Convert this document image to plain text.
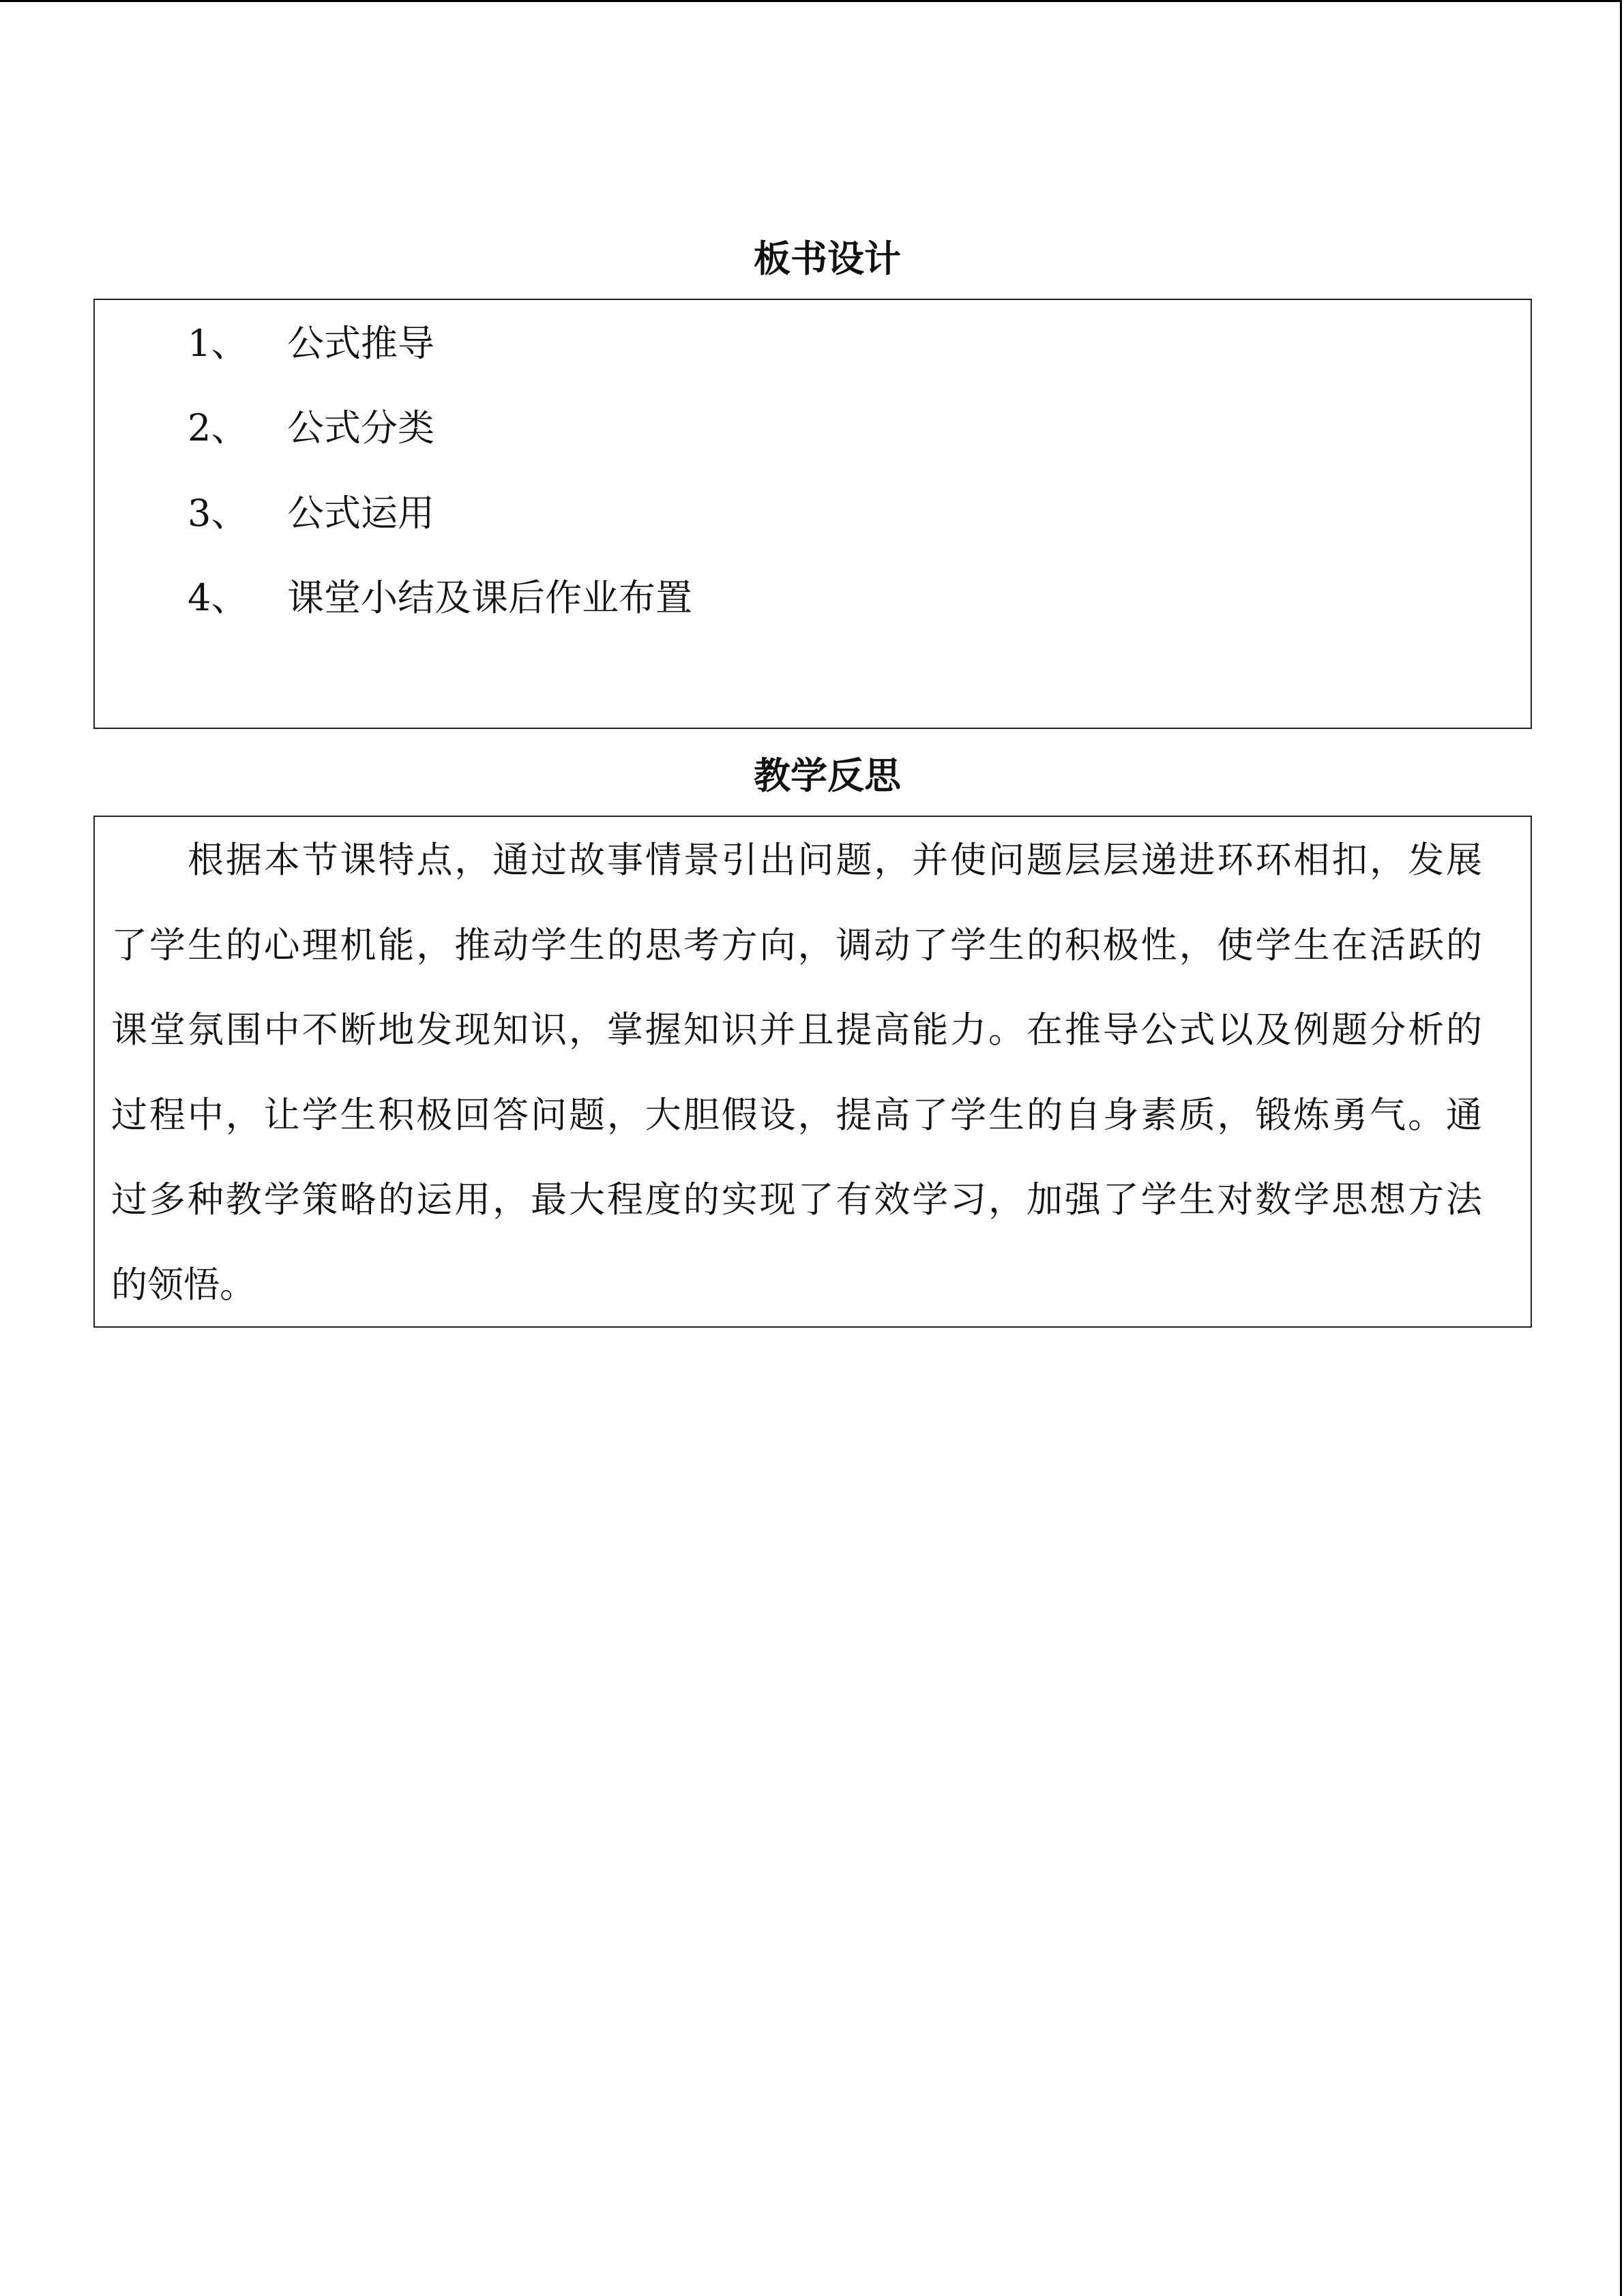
板书设计
1、 公式推导
2、 公式分类
3、 公式运用
4、 课堂小结及课后作业布置
教学反思
根据本节课特点，通过故事情景引出问题，并使问题层层递进环环相扣，发展
了学生的心理机能，推动学生的思考方向，调动了学生的积极性，使学生在活跃的
课堂氛围中不断地发现知识，掌握知识并且提高能力。在推导公式以及例题分析的
过程中，让学生积极回答问题，大胆假设，提高了学生的自身素质，锻炼勇气。通
过多种教学策略的运用，最大程度的实现了有效学习，加强了学生对数学思想方法
的领悟。
